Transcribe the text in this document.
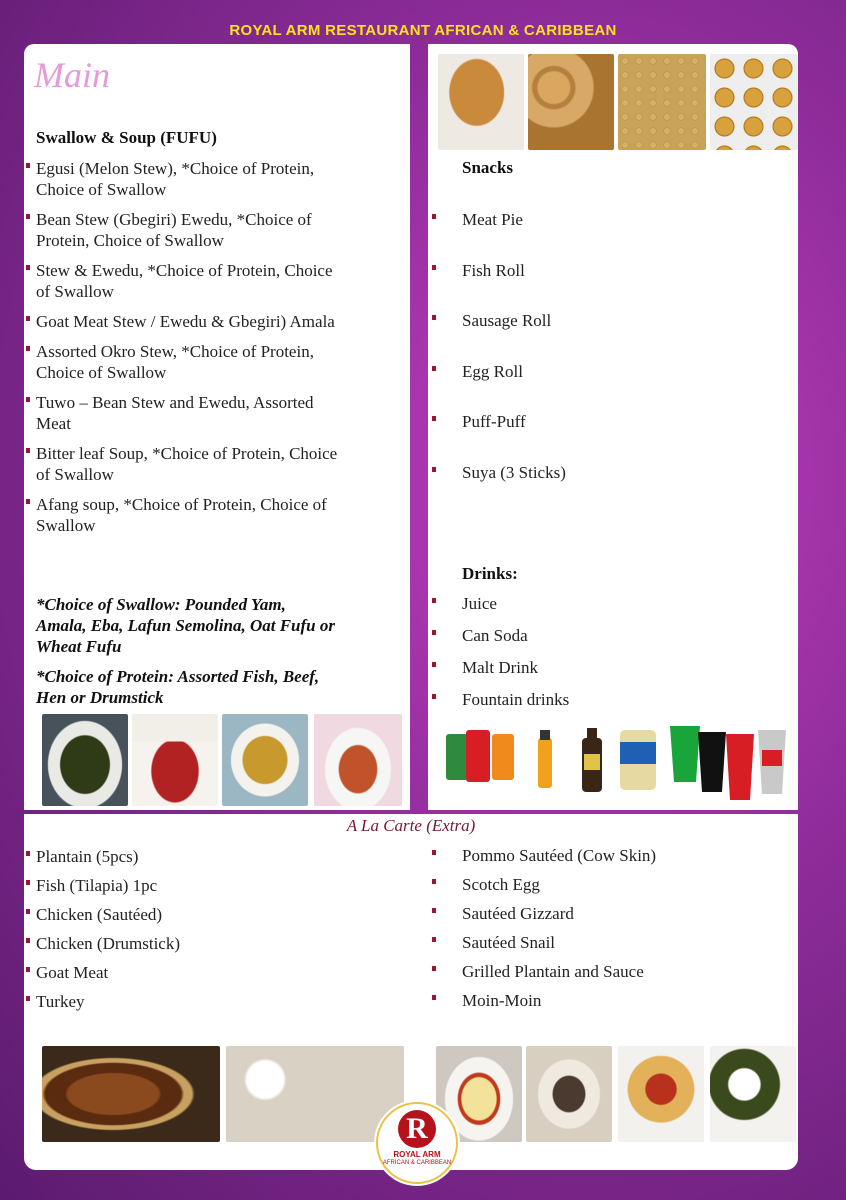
ROYAL ARM RESTAURANT AFRICAN & CARIBBEAN
Main
Swallow & Soup (FUFU)
Egusi (Melon Stew), *Choice of Protein, Choice of Swallow
Bean Stew (Gbegiri) Ewedu, *Choice of Protein, Choice of Swallow
Stew & Ewedu, *Choice of Protein, Choice of Swallow
Goat Meat Stew / Ewedu & Gbegiri) Amala
Assorted Okro Stew, *Choice of Protein, Choice of Swallow
Tuwo – Bean Stew and Ewedu, Assorted Meat
Bitter leaf Soup, *Choice of Protein, Choice of Swallow
Afang soup, *Choice of Protein, Choice of Swallow

*Choice of Swallow: Pounded Yam, Amala, Eba, Lafun Semolina, Oat Fufu or Wheat Fufu

*Choice of Protein: Assorted Fish, Beef, Hen or Drumstick

Snacks
Meat Pie
Fish Roll
Sausage Roll
Egg Roll
Puff-Puff
Suya (3 Sticks)
Drinks:
Juice
Can Soda
Malt Drink
Fountain drinks
A La Carte (Extra)
Plantain (5pcs)
Fish (Tilapia) 1pc
Chicken (Sautéed)
Chicken (Drumstick)
Goat Meat
Turkey
Pommo Sautéed (Cow Skin)
Scotch Egg
Sautéed Gizzard
Sautéed Snail
Grilled Plantain and Sauce
Moin-Moin
R
ROYAL ARM
AFRICAN & CARIBBEAN
